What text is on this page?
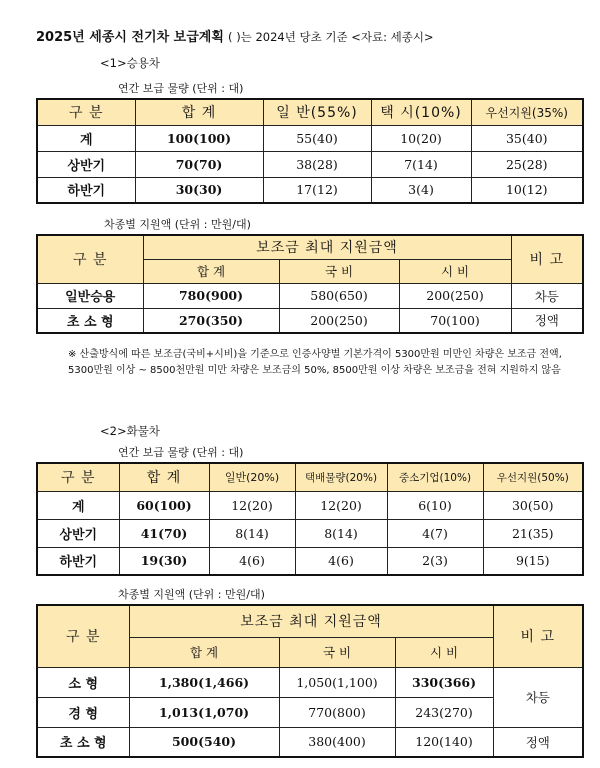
2025년 세종시 전기차 보급계획 ( )는 2024년 당초 기준 <자료: 세종시>
<1>승용차
연간 보급 물량 (단위 : 대)
구 분	합 계	일 반(55%)	택 시(10%)	우선지원(35%)
계	100(100)	55(40)	10(20)	35(40)
상반기	70(70)	38(28)	7(14)	25(28)
하반기	30(30)	17(12)	3(4)	10(12)
차종별 지원액 (단위 : 만원/대)
구 분	보조금 최대 지원금액			비 고
	합 계	국 비	시 비	
일반승용	780(900)	580(650)	200(250)	차등
초 소 형	270(350)	200(250)	70(100)	정액
※ 산출방식에 따른 보조금(국비+시비)을 기준으로 인증사양별 기본가격이 5300만원 미만인 차량은 보조금 전액, 5300만원 이상 ~ 8500천만원 미만 차량은 보조금의 50%, 8500만원 이상 차량은 보조금을 전혀 지원하지 않음
<2>화물차
연간 보급 물량 (단위 : 대)
구 분	합 계	일반(20%)	택배물량(20%)	중소기업(10%)	우선지원(50%)
계	60(100)	12(20)	12(20)	6(10)	30(50)
상반기	41(70)	8(14)	8(14)	4(7)	21(35)
하반기	19(30)	4(6)	4(6)	2(3)	9(15)
차종별 지원액 (단위 : 만원/대)
구 분	보조금 최대 지원금액			비 고
	합 계	국 비	시 비	
소 형	1,380(1,466)	1,050(1,100)	330(366)	차등
경 형	1,013(1,070)	770(800)	243(270)	
초 소 형	500(540)	380(400)	120(140)	정액
